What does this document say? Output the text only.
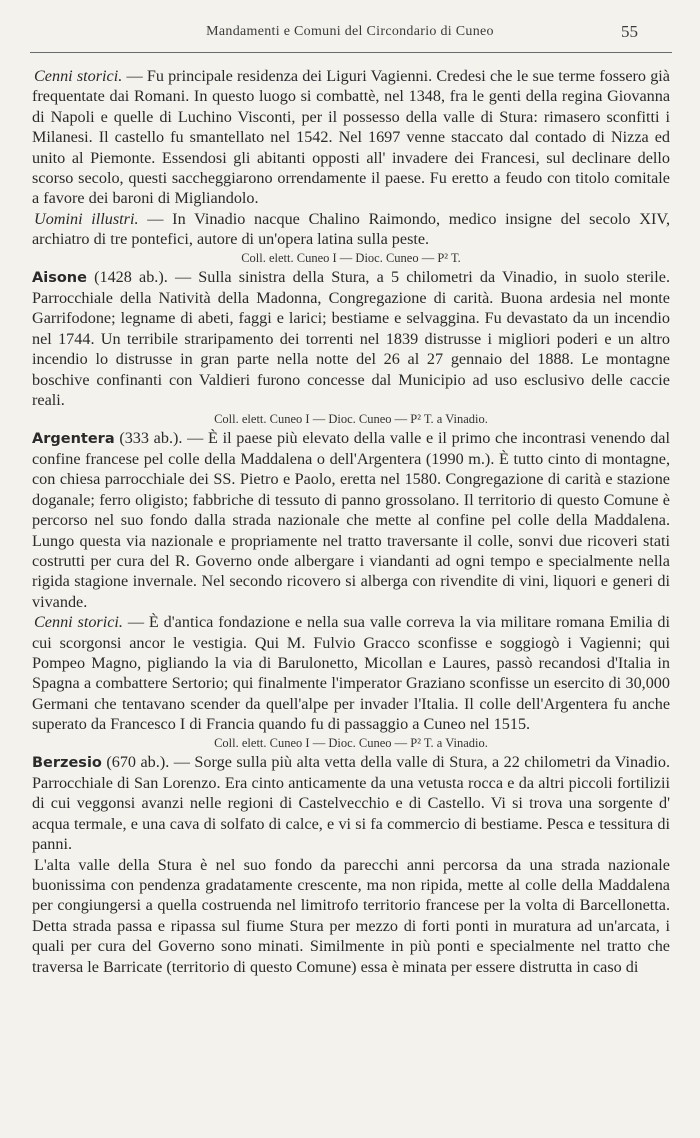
Mandamenti e Comuni del Circondario di Cuneo	55

Cenni storici. — Fu principale residenza dei Liguri Vagienni. Credesi che le sue terme fossero già frequentate dai Romani. In questo luogo si combattè, nel 1348, fra le genti della regina Giovanna di Napoli e quelle di Luchino Visconti, per il possesso della valle di Stura: rimasero sconfitti i Milanesi. Il castello fu smantellato nel 1542. Nel 1697 venne staccato dal contado di Nizza ed unito al Piemonte. Essendosi gli abitanti opposti all' invadere dei Francesi, sul declinare dello scorso secolo, questi saccheggiarono orrendamente il paese. Fu eretto a feudo con titolo comitale a favore dei baroni di Migliandolo.

Uomini illustri. — In Vinadio nacque Chalino Raimondo, medico insigne del secolo XIV, archiatro di tre pontefici, autore di un'opera latina sulla peste.

Coll. elett. Cuneo I — Dioc. Cuneo — P² T.

Aisone (1428 ab.). — Sulla sinistra della Stura, a 5 chilometri da Vinadio, in suolo sterile. Parrocchiale della Natività della Madonna, Congregazione di carità. Buona ardesia nel monte Garrifodone; legname di abeti, faggi e larici; bestiame e selvaggina. Fu devastato da un incendio nel 1744. Un terribile straripamento dei torrenti nel 1839 distrusse i migliori poderi e un altro incendio lo distrusse in gran parte nella notte del 26 al 27 gennaio del 1888. Le montagne boschive confinanti con Valdieri furono concesse dal Municipio ad uso esclusivo delle caccie reali.

Coll. elett. Cuneo I — Dioc. Cuneo — P² T. a Vinadio.

Argentera (333 ab.). — È il paese più elevato della valle e il primo che incontrasi venendo dal confine francese pel colle della Maddalena o dell'Argentera (1990 m.). È tutto cinto di montagne, con chiesa parrocchiale dei SS. Pietro e Paolo, eretta nel 1580. Congregazione di carità e stazione doganale; ferro oligisto; fabbriche di tessuto di panno grossolano. Il territorio di questo Comune è percorso nel suo fondo dalla strada nazionale che mette al confine pel colle della Maddalena. Lungo questa via nazionale e propriamente nel tratto traversante il colle, sonvi due ricoveri stati costrutti per cura del R. Governo onde albergare i viandanti ad ogni tempo e specialmente nella rigida stagione invernale. Nel secondo ricovero si alberga con rivendite di vini, liquori e generi di vivande.

Cenni storici. — È d'antica fondazione e nella sua valle correva la via militare romana Emilia di cui scorgonsi ancor le vestigia. Qui M. Fulvio Gracco sconfisse e soggiogò i Vagienni; qui Pompeo Magno, pigliando la via di Barulonetto, Micollan e Laures, passò recandosi d'Italia in Spagna a combattere Sertorio; qui finalmente l'imperator Graziano sconfisse un esercito di 30,000 Germani che tentavano scender da quell'alpe per invader l'Italia. Il colle dell'Argentera fu anche superato da Francesco I di Francia quando fu di passaggio a Cuneo nel 1515.

Coll. elett. Cuneo I — Dioc. Cuneo — P² T. a Vinadio.

Berzesio (670 ab.). — Sorge sulla più alta vetta della valle di Stura, a 22 chilometri da Vinadio. Parrocchiale di San Lorenzo. Era cinto anticamente da una vetusta rocca e da altri piccoli fortilizii di cui veggonsi avanzi nelle regioni di Castelvecchio e di Castello. Vi si trova una sorgente d' acqua termale, e una cava di solfato di calce, e vi si fa commercio di bestiame. Pesca e tessitura di panni.

L'alta valle della Stura è nel suo fondo da parecchi anni percorsa da una strada nazionale buonissima con pendenza gradatamente crescente, ma non ripida, mette al colle della Maddalena per congiungersi a quella costruenda nel limitrofo territorio francese per la volta di Barcellonetta. Detta strada passa e ripassa sul fiume Stura per mezzo di forti ponti in muratura ad un'arcata, i quali per cura del Governo sono minati. Similmente in più ponti e specialmente nel tratto che traversa le Barricate (territorio di questo Comune) essa è minata per essere distrutta in caso di
